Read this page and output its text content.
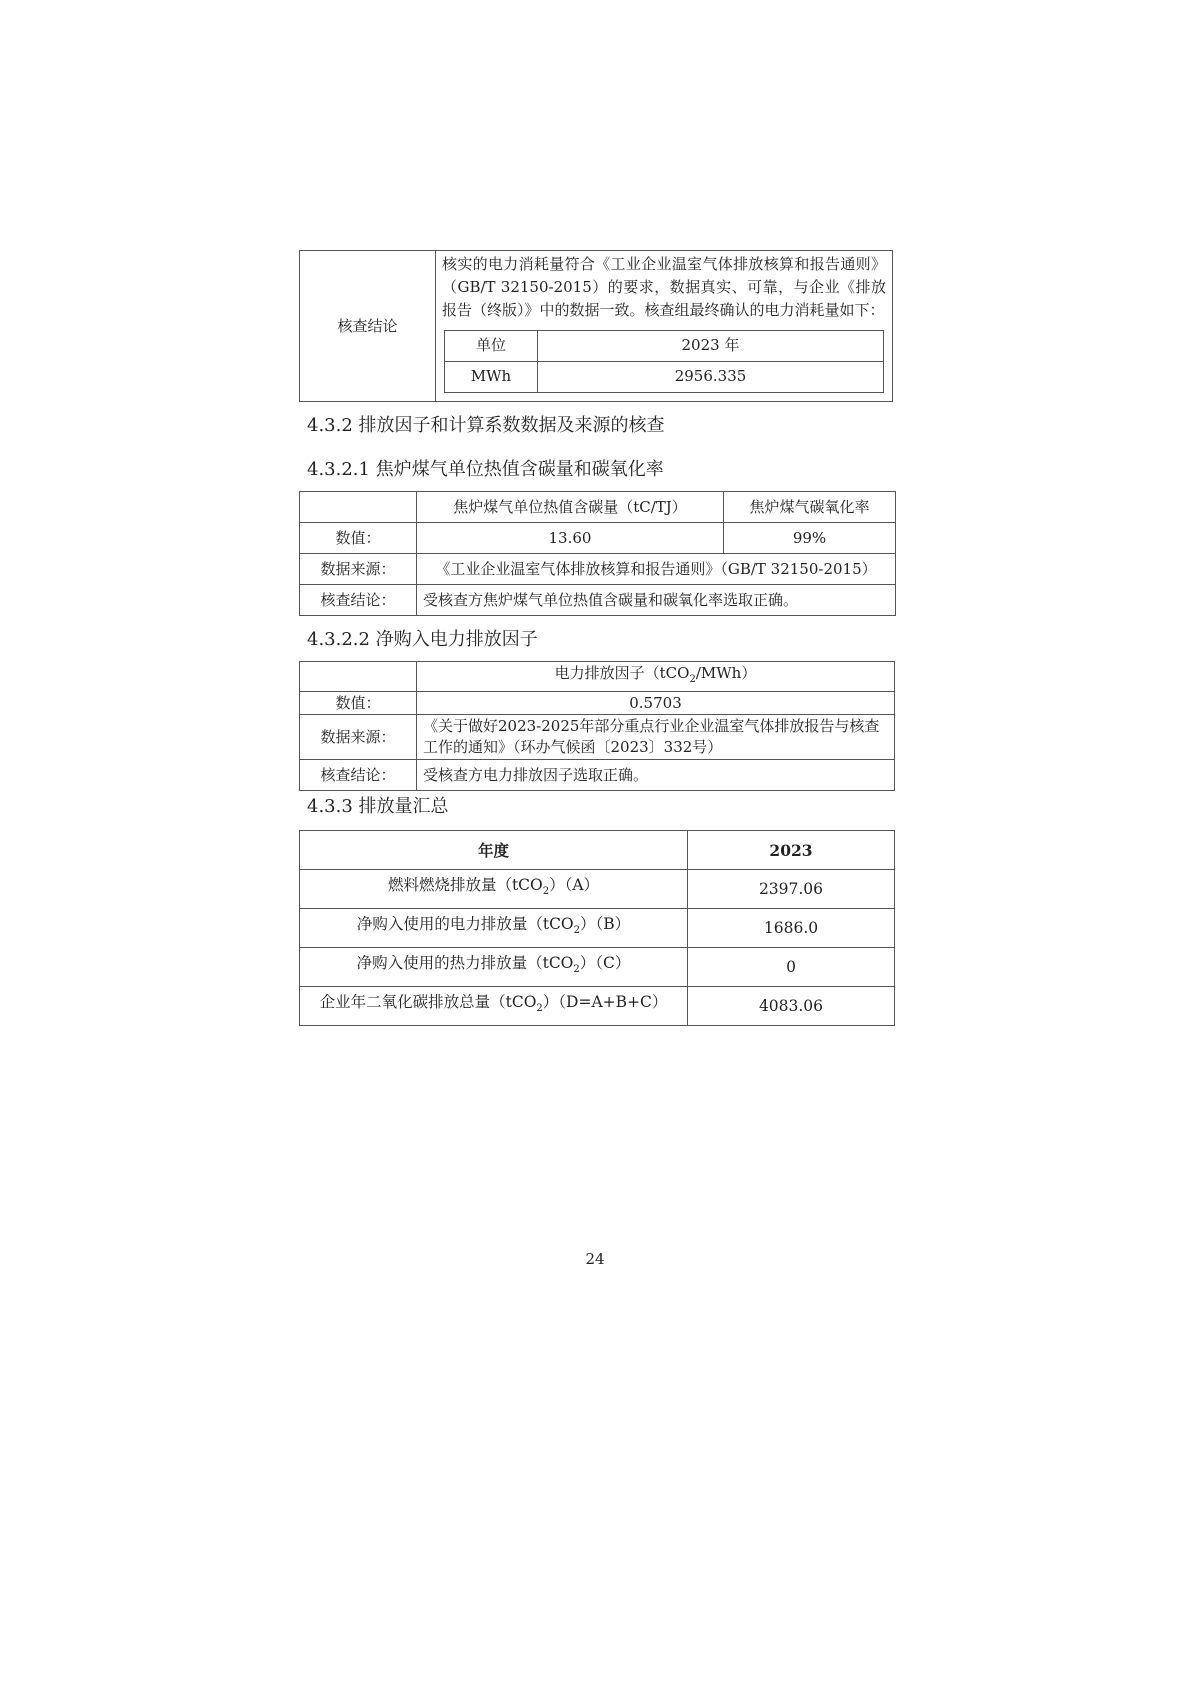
核查结论	核实的电力消耗量符合《工业企业温室气体排放核算和报告通则》（GB/T 32150-2015）的要求，数据真实、可靠，与企业《排放报告（终版）》中的数据一致。核查组最终确认的电力消耗量如下：

单位	2023 年
MWh	2956.335
4.3.2 排放因子和计算系数数据及来源的核查
4.3.2.1 焦炉煤气单位热值含碳量和碳氧化率
	焦炉煤气单位热值含碳量（tC/TJ）	焦炉煤气碳氧化率
数值：	13.60	99%
数据来源：	《工业企业温室气体排放核算和报告通则》（GB/T 32150-2015）	
核查结论：	受核查方焦炉煤气单位热值含碳量和碳氧化率选取正确。	
4.3.2.2 净购入电力排放因子
	电力排放因子（tCO$_2$/MWh）
数值：	0.5703
数据来源：	《关于做好2023-2025年部分重点行业企业温室气体排放报告与核查工作的通知》（环办气候函〔2023〕332号）
核查结论：	受核查方电力排放因子选取正确。
4.3.3 排放量汇总
年度	2023
燃料燃烧排放量（tCO$_2$）（A）	2397.06
净购入使用的电力排放量（tCO$_2$）（B）	1686.0
净购入使用的热力排放量（tCO$_2$）（C）	0
企业年二氧化碳排放总量（tCO$_2$）（D=A+B+C）	4083.06
24
